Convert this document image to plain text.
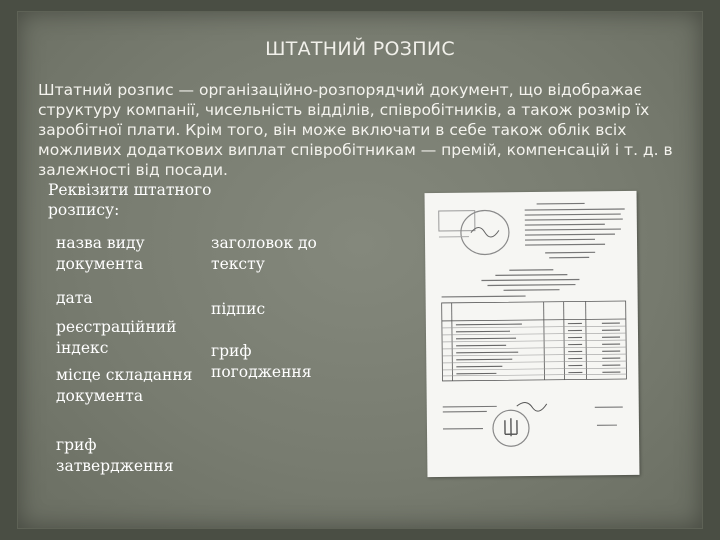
ШТАТНИЙ РОЗПИС
Штатний розпис — організаційно-розпорядчий документ, що відображає структуру компанії, чисельність відділів, співробітників, а також розмір їх заробітної плати. Крім того, він може включати в себе також облік всіх можливих додаткових виплат співробітникам — премій, компенсацій і т. д. в залежності від посади.
Реквізити штатного розпису:
назва виду документа
дата
реєстраційний індекс
місце складання документа
гриф затвердження
заголовок до тексту
підпис
гриф погодження
